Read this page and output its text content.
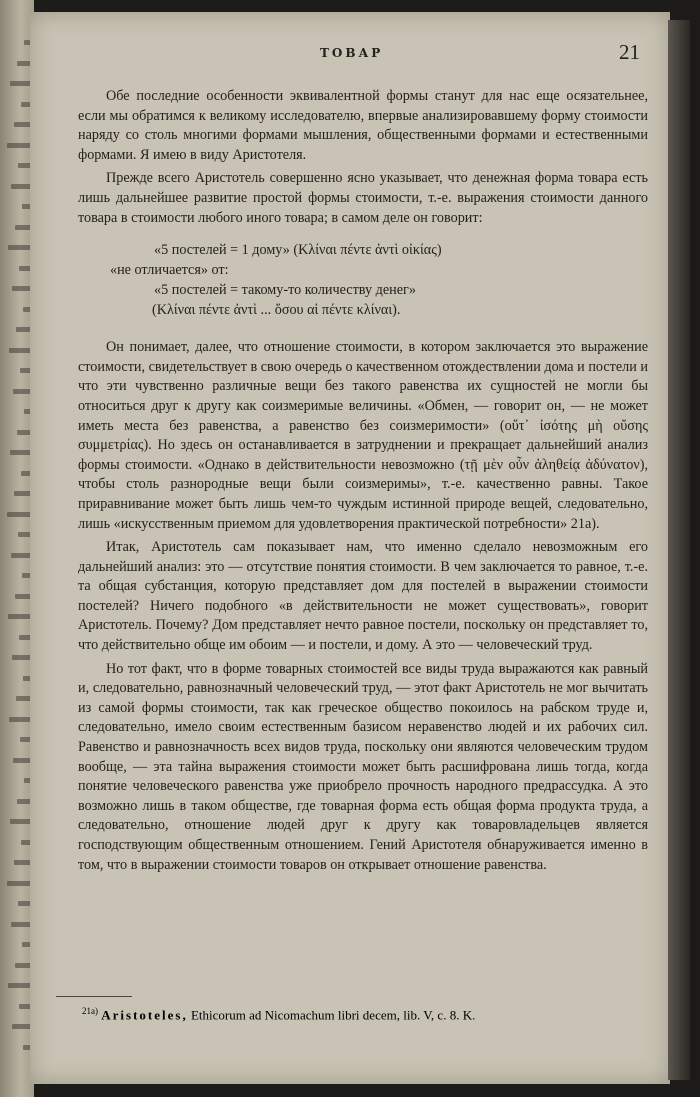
ТОВАР	21

Обе последние особенности эквивалентной формы станут для нас еще осязательнее, если мы обратимся к великому исследователю, впервые анализировавшему форму стоимости наряду со столь многими формами мышления, общественными формами и естественными формами. Я имею в виду Аристотеля.

Прежде всего Аристотель совершенно ясно указывает, что денежная форма товара есть лишь дальнейшее развитие простой формы стоимости, т.-е. выражения стоимости данного товара в стоимости любого иного товара; в самом деле он говорит:

«5 постелей = 1 дому» (Κλίναι πέντε ἀντὶ οἰκίας)
«не отличается» от:
«5 постелей = такому-то количеству денег»
(Κλίναι πέντε ἀντὶ ... ὅσου αἱ πέντε κλίναι).

Он понимает, далее, что отношение стоимости, в котором заключается это выражение стоимости, свидетельствует в свою очередь о качественном отождествлении дома и постели и что эти чувственно различные вещи без такого равенства их сущностей не могли бы относиться друг к другу как соизмеримые величины. «Обмен, — говорит он, — не может иметь места без равенства, а равенство без соизмеримости» (οὔτ᾽ ἰσότης μὴ οὔσης συμμετρίας). Но здесь он останавливается в затруднении и прекращает дальнейший анализ формы стоимости. «Однако в действительности невозможно (τῇ μὲν οὖν ἀληθείᾳ ἀδύνατον), чтобы столь разнородные вещи были соизмеримы», т.-е. качественно равны. Такое приравнивание может быть лишь чем-то чуждым истинной природе вещей, следовательно, лишь «искусственным приемом для удовлетворения практической потребности» 21a).

Итак, Аристотель сам показывает нам, что именно сделало невозможным его дальнейший анализ: это — отсутствие понятия стоимости. В чем заключается то равное, т.-е. та общая субстанция, которую представляет дом для постелей в выражении стоимости постелей? Ничего подобного «в действительности не может существовать», говорит Аристотель. Почему? Дом представляет нечто равное постели, поскольку он представляет то, что действительно обще им обоим — и постели, и дому. А это — человеческий труд.

Но тот факт, что в форме товарных стоимостей все виды труда выражаются как равный и, следовательно, равнозначный человеческий труд, — этот факт Аристотель не мог вычитать из самой формы стоимости, так как греческое общество покоилось на рабском труде и, следовательно, имело своим естественным базисом неравенство людей и их рабочих сил. Равенство и равнозначность всех видов труда, поскольку они являются человеческим трудом вообще, — эта тайна выражения стоимости может быть расшифрована лишь тогда, когда понятие человеческого равенства уже приобрело прочность народного предрассудка. А это возможно лишь в таком обществе, где товарная форма есть общая форма продукта труда, а следовательно, отношение людей друг к другу как товаровладельцев является господствующим общественным отношением. Гений Аристотеля обнаруживается именно в том, что в выражении стоимости товаров он открывает отношение равенства.

$^{21a)}$ Aristoteles, Ethicorum ad Nicomachum libri decem, lib. V, c. 8. K.
